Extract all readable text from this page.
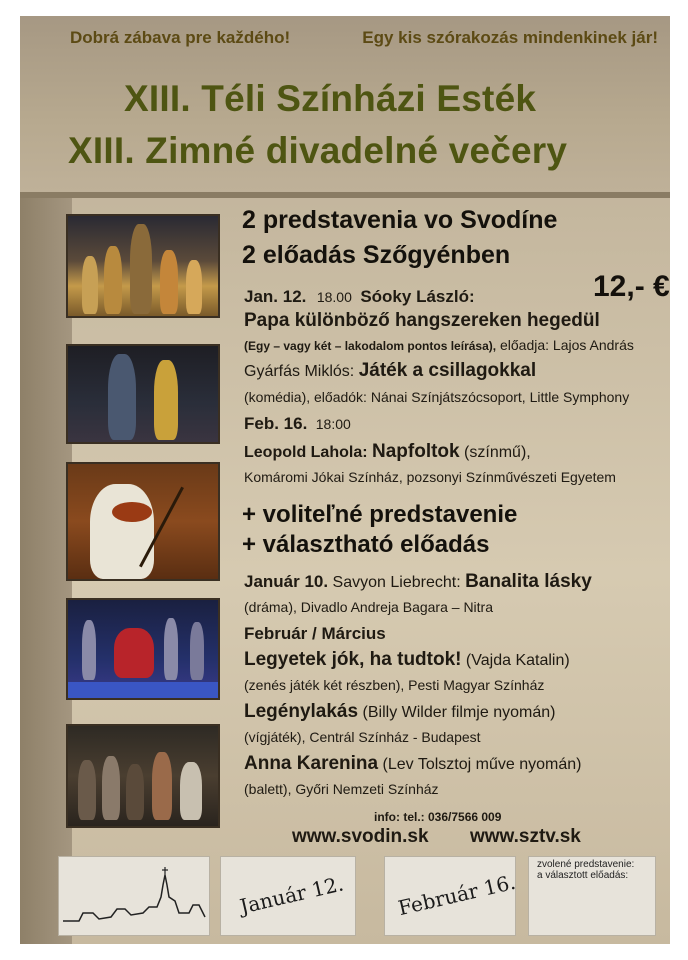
Dobrá zábava pre každého!	Egy kis szórakozás mindenkinek jár!
XIII. Téli Színházi Esték
XIII. Zimné divadelné večery
2 predstavenia vo Svodíne
2 előadás Szőgyénben
12,- €
Jan. 12. 18.00 Sóoky László:
Papa különböző hangszereken hegedül
(Egy – vagy két – lakodalom pontos leírása), előadja: Lajos András
Gyárfás Miklós: Játék a csillagokkal
(komédia), előadók: Nánai Színjátszócsoport, Little Symphony
Feb. 16. 18:00
Leopold Lahola: Napfoltok (színmű),
Komáromi Jókai Színház, pozsonyi Színművészeti Egyetem
+ voliteľné predstavenie
+ választható előadás
Január 10. Savyon Liebrecht: Banalita lásky
(dráma), Divadlo Andreja Bagara – Nitra
Február / Március
Legyetek jók, ha tudtok! (Vajda Katalin)
(zenés játék két részben), Pesti Magyar Színház
Legénylakás (Billy Wilder filmje nyomán)
(vígjáték), Centrál Színház - Budapest
Anna Karenina (Lev Tolsztoj műve nyomán)
(balett), Győri Nemzeti Színház
info: tel.: 036/7566 009
www.svodin.sk www.sztv.sk
Január 12.	Február 16.
zvolené predstavenie:
a választott előadás:
